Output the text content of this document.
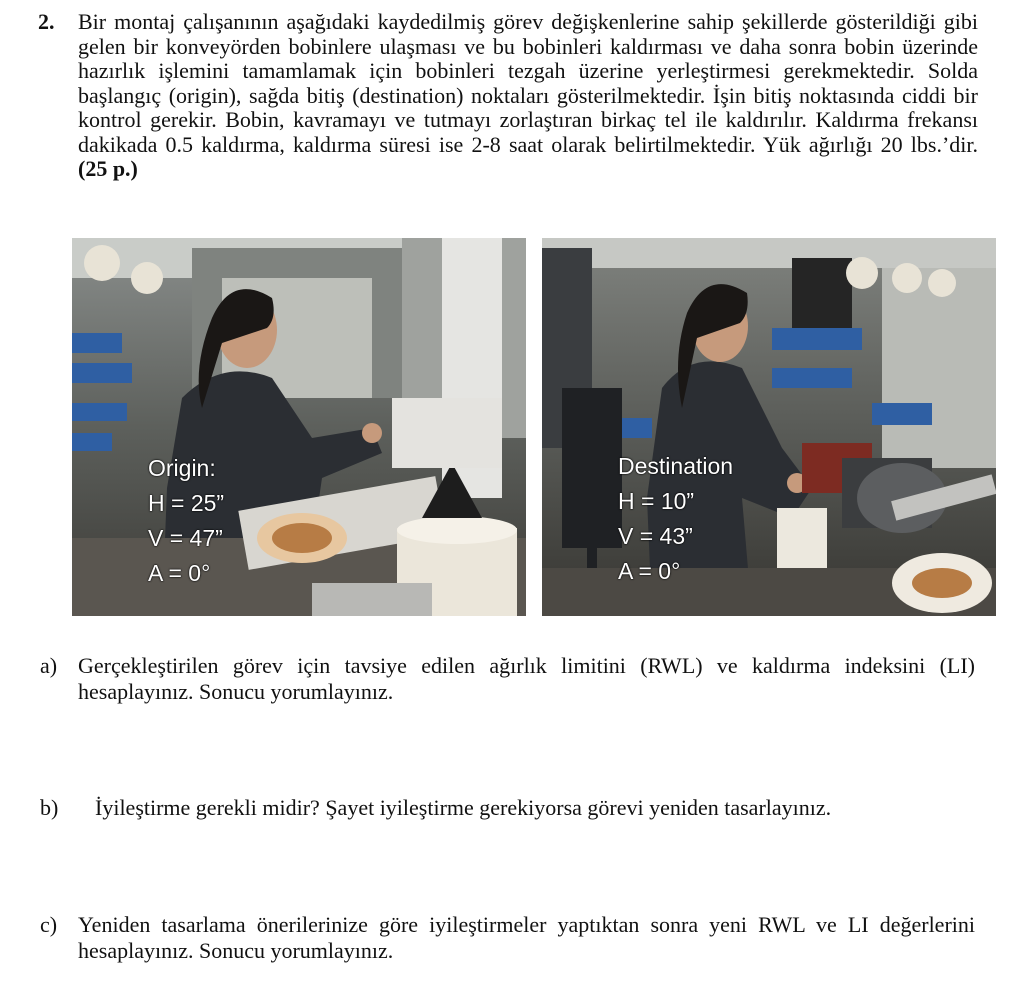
2. Bir montaj çalışanının aşağıdaki kaydedilmiş görev değişkenlerine sahip şekillerde gösterildiği gibi gelen bir konveyörden bobinlere ulaşması ve bu bobinleri kaldırması ve daha sonra bobin üzerinde hazırlık işlemini tamamlamak için bobinleri tezgah üzerine yerleştirmesi gerekmektedir. Solda başlangıç (origin), sağda bitiş (destination) noktaları gösterilmektedir. İşin bitiş noktasında ciddi bir kontrol gerekir. Bobin, kavramayı ve tutmayı zorlaştıran birkaç tel ile kaldırılır. Kaldırma frekansı dakikada 0.5 kaldırma, kaldırma süresi ise 2-8 saat olarak belirtilmektedir. Yük ağırlığı 20 lbs.’dir. (25 p.)
Origin:
H = 25”
V = 47”
A = 0°
Destination
H = 10”
V = 43”
A = 0°
a) Gerçekleştirilen görev için tavsiye edilen ağırlık limitini (RWL) ve kaldırma indeksini (LI) hesaplayınız. Sonucu yorumlayınız.
b) İyileştirme gerekli midir? Şayet iyileştirme gerekiyorsa görevi yeniden tasarlayınız.
c) Yeniden tasarlama önerilerinize göre iyileştirmeler yaptıktan sonra yeni RWL ve LI değerlerini hesaplayınız. Sonucu yorumlayınız.
